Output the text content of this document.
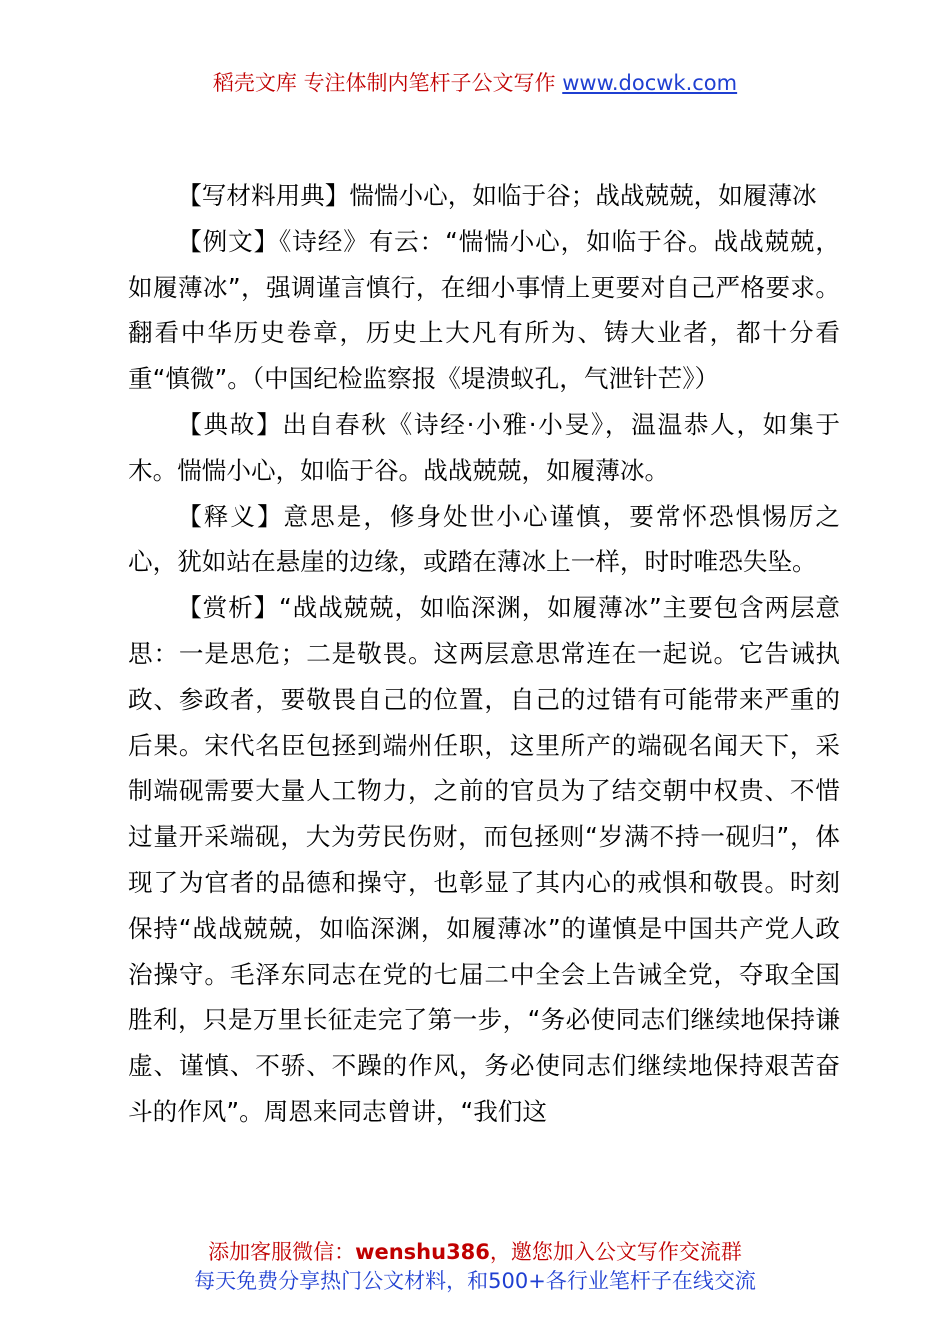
稻壳文库 专注体制内笔杆子公文写作 www.docwk.com

【写材料用典】惴惴小心，如临于谷；战战兢兢，如履薄冰

【例文】《诗经》有云：“惴惴小心，如临于谷。战战兢兢，如履薄冰”，强调谨言慎行，在细小事情上更要对自己严格要求。翻看中华历史卷章，历史上大凡有所为、铸大业者，都十分看重“慎微”。（中国纪检监察报《堤溃蚁孔，气泄针芒》）

【典故】出自春秋《诗经·小雅·小旻》，温温恭人，如集于木。惴惴小心，如临于谷。战战兢兢，如履薄冰。

【释义】意思是，修身处世小心谨慎，要常怀恐惧惕厉之心，犹如站在悬崖的边缘，或踏在薄冰上一样，时时唯恐失坠。

【赏析】“战战兢兢，如临深渊，如履薄冰”主要包含两层意思：一是思危；二是敬畏。这两层意思常连在一起说。它告诫执政、参政者，要敬畏自己的位置，自己的过错有可能带来严重的后果。宋代名臣包拯到端州任职，这里所产的端砚名闻天下，采制端砚需要大量人工物力，之前的官员为了结交朝中权贵、不惜过量开采端砚，大为劳民伤财，而包拯则“岁满不持一砚归”，体现了为官者的品德和操守，也彰显了其内心的戒惧和敬畏。时刻保持“战战兢兢，如临深渊，如履薄冰”的谨慎是中国共产党人政治操守。毛泽东同志在党的七届二中全会上告诫全党，夺取全国胜利，只是万里长征走完了第一步，“务必使同志们继续地保持谦虚、谨慎、不骄、不躁的作风，务必使同志们继续地保持艰苦奋斗的作风”。周恩来同志曾讲，“我们这

添加客服微信：wenshu386，邀您加入公文写作交流群
每天免费分享热门公文材料，和500+各行业笔杆子在线交流
